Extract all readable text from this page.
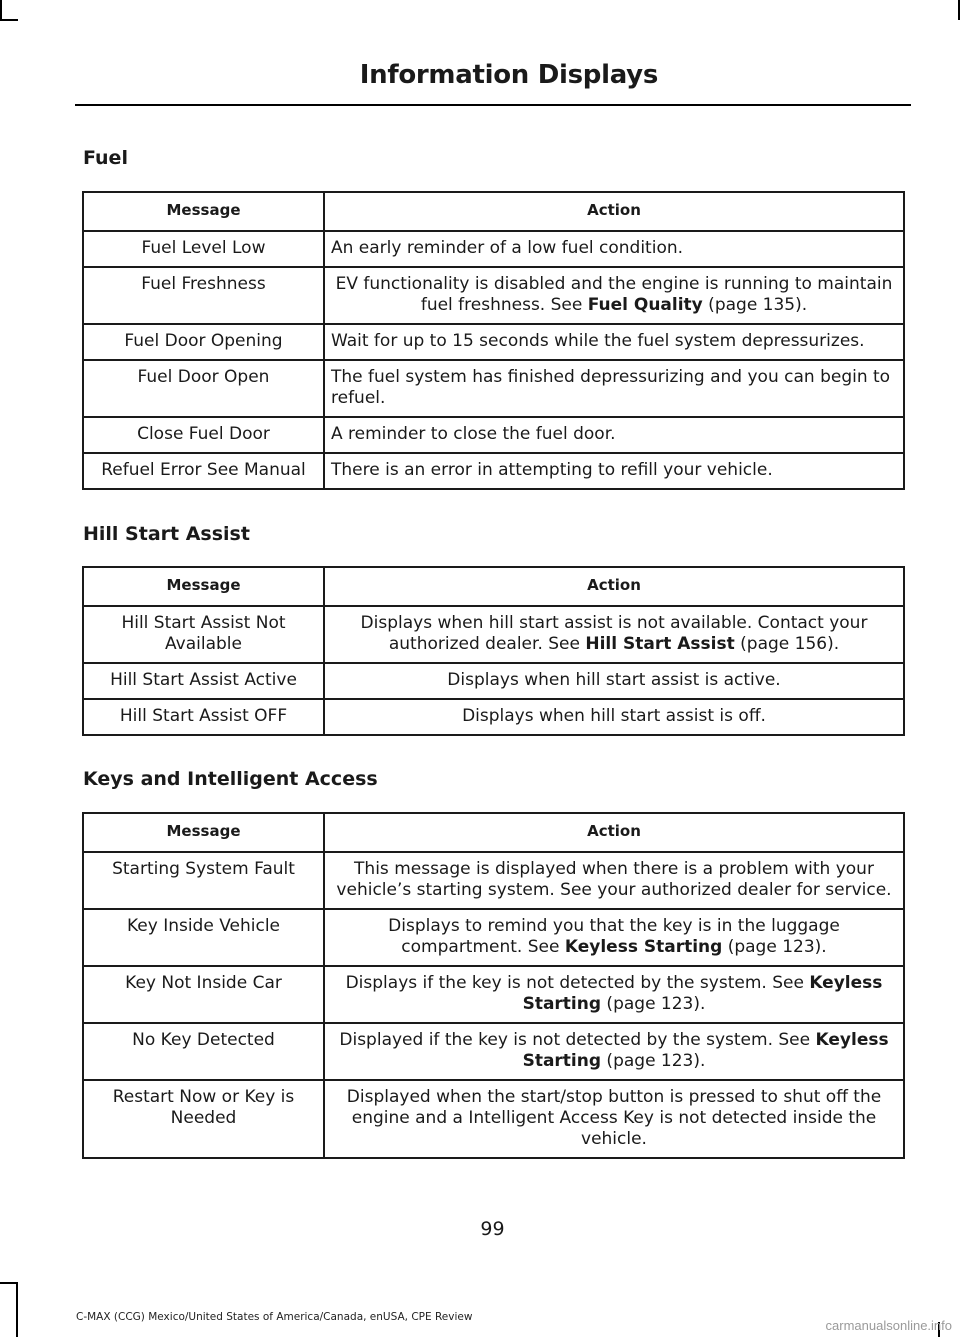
Information Displays
Fuel
Message	Action
Fuel Level Low	An early reminder of a low fuel condition.
Fuel Freshness	EV functionality is disabled and the engine is running to maintain fuel freshness. See Fuel Quality (page 135).
Fuel Door Opening	Wait for up to 15 seconds while the fuel system depressurizes.
Fuel Door Open	The fuel system has finished depressurizing and you can begin to refuel.
Close Fuel Door	A reminder to close the fuel door.
Refuel Error See Manual	There is an error in attempting to refill your vehicle.
Hill Start Assist
Message	Action
Hill Start Assist Not Available	Displays when hill start assist is not available. Contact your authorized dealer. See Hill Start Assist (page 156).
Hill Start Assist Active	Displays when hill start assist is active.
Hill Start Assist OFF	Displays when hill start assist is off.
Keys and Intelligent Access
Message	Action
Starting System Fault	This message is displayed when there is a problem with your vehicle’s starting system. See your authorized dealer for service.
Key Inside Vehicle	Displays to remind you that the key is in the luggage compartment. See Keyless Starting (page 123).
Key Not Inside Car	Displays if the key is not detected by the system. See Keyless Starting (page 123).
No Key Detected	Displayed if the key is not detected by the system. See Keyless Starting (page 123).
Restart Now or Key is Needed	Displayed when the start/stop button is pressed to shut off the engine and a Intelligent Access Key is not detected inside the vehicle.
99
C-MAX (CCG) Mexico/United States of America/Canada, enUSA, CPE Review
carmanualsonline.info
